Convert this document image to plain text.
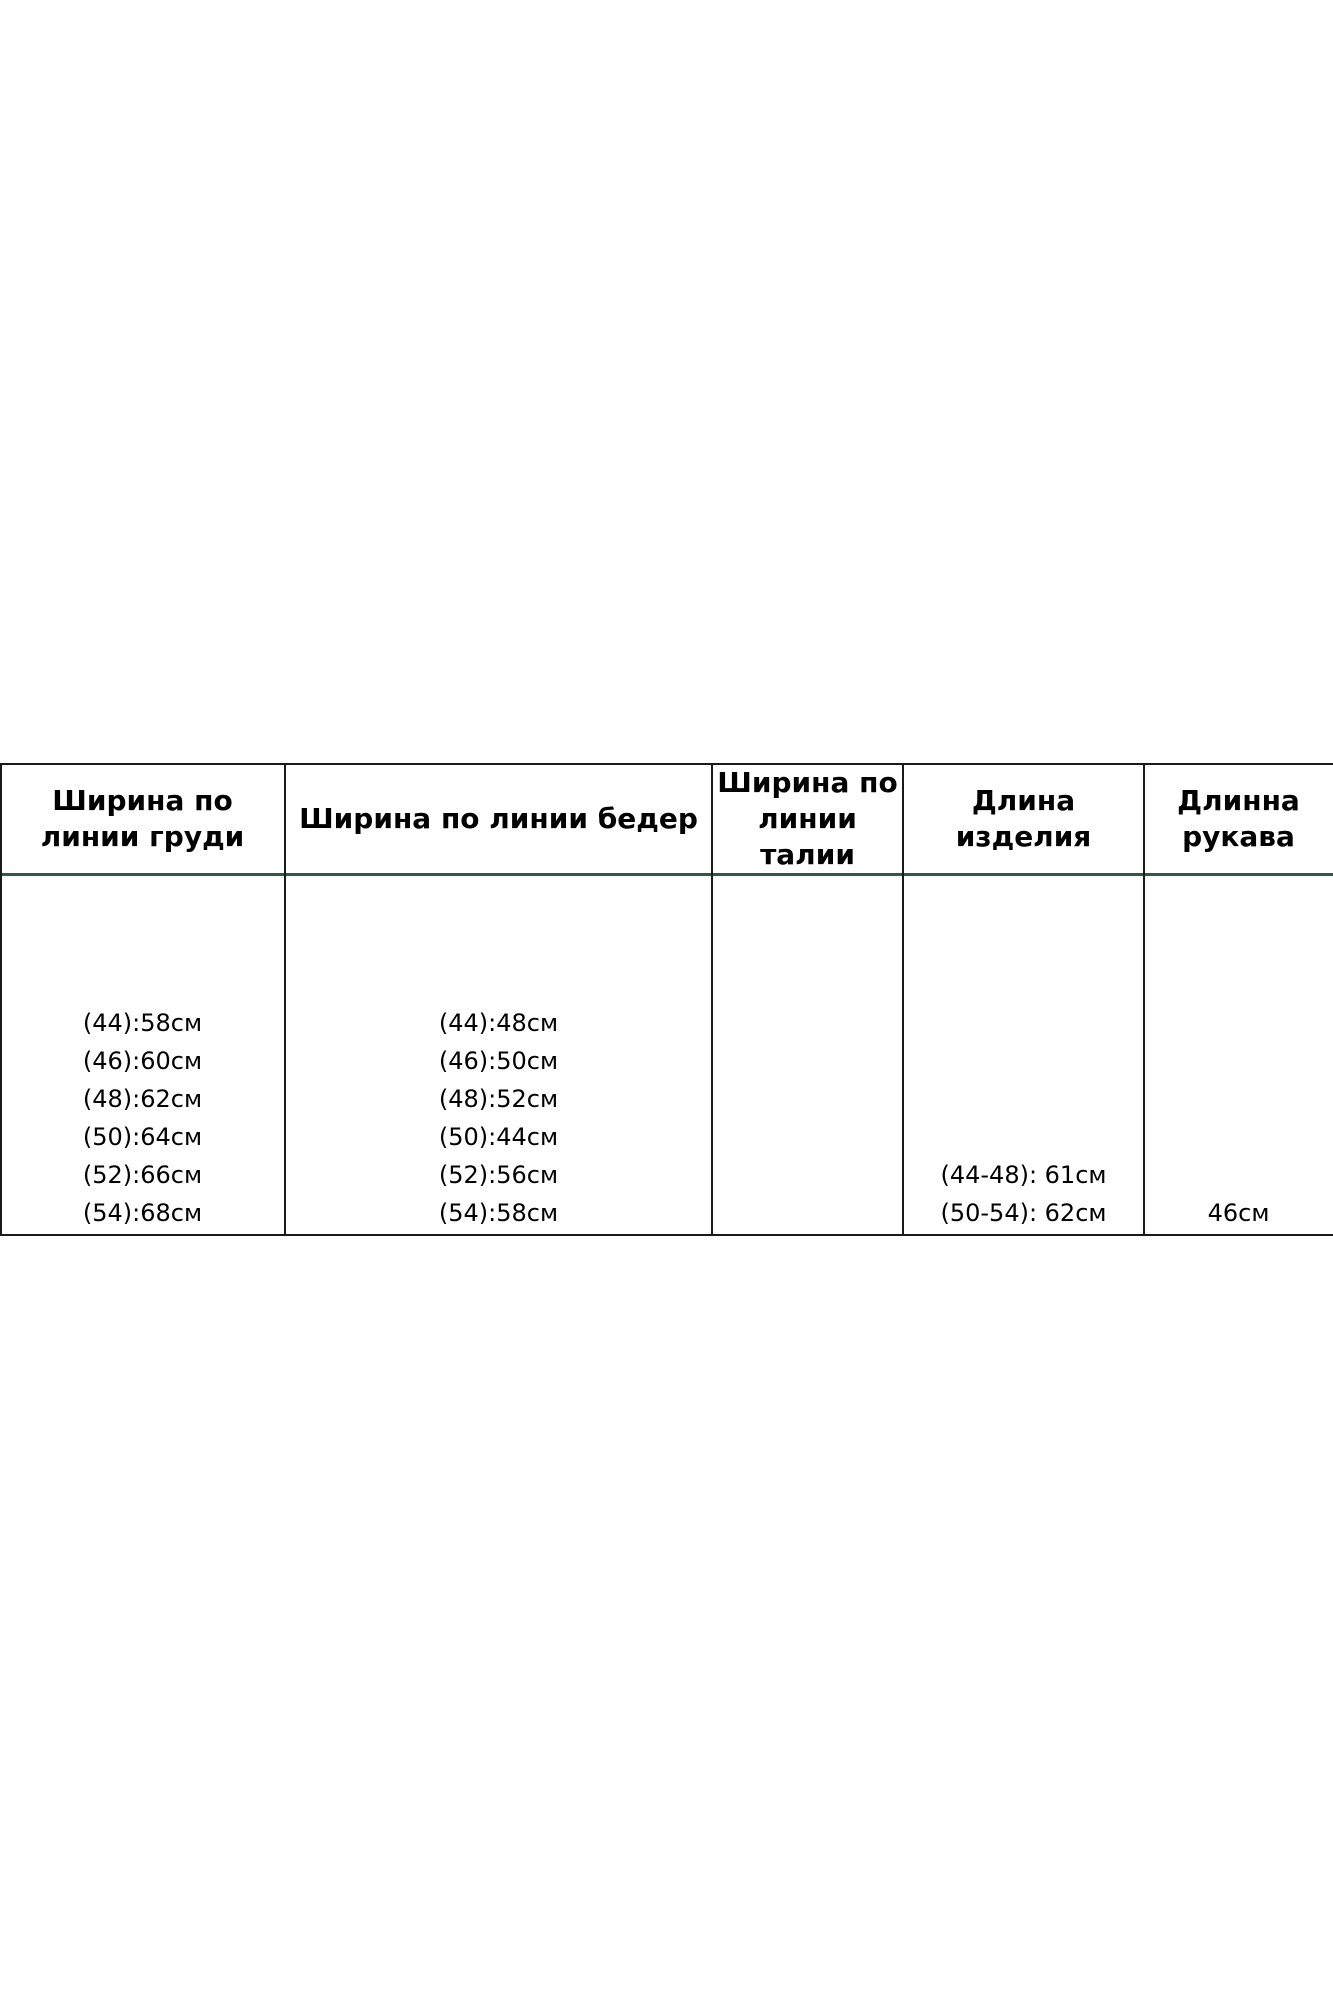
Ширина по линии груди
Ширина по линии бедер
Ширина по линии талии
Длина изделия
Длинна рукава
(44):58см
(46):60см
(48):62см
(50):64см
(52):66см
(54):68см
(44):48см
(46):50см
(48):52см
(50):44см
(52):56см
(54):58см
(44-48): 61см
(50-54): 62см	46см
